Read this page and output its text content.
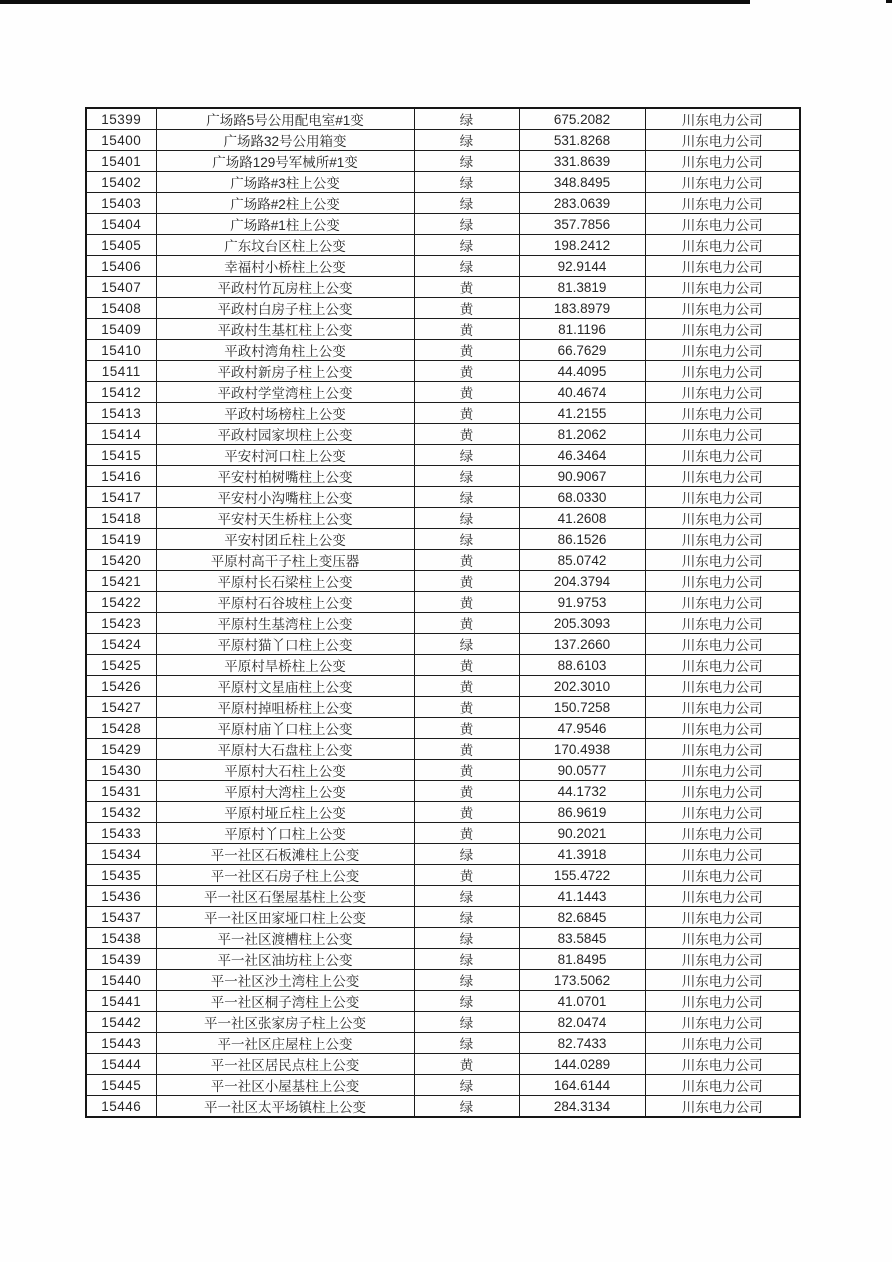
15399	广场路5号公用配电室#1变	绿	675.2082	川东电力公司
15400	广场路32号公用箱变	绿	531.8268	川东电力公司
15401	广场路129号军械所#1变	绿	331.8639	川东电力公司
15402	广场路#3柱上公变	绿	348.8495	川东电力公司
15403	广场路#2柱上公变	绿	283.0639	川东电力公司
15404	广场路#1柱上公变	绿	357.7856	川东电力公司
15405	广东坟台区柱上公变	绿	198.2412	川东电力公司
15406	幸福村小桥柱上公变	绿	92.9144	川东电力公司
15407	平政村竹瓦房柱上公变	黄	81.3819	川东电力公司
15408	平政村白房子柱上公变	黄	183.8979	川东电力公司
15409	平政村生基杠柱上公变	黄	81.1196	川东电力公司
15410	平政村湾角柱上公变	黄	66.7629	川东电力公司
15411	平政村新房子柱上公变	黄	44.4095	川东电力公司
15412	平政村学堂湾柱上公变	黄	40.4674	川东电力公司
15413	平政村场榜柱上公变	黄	41.2155	川东电力公司
15414	平政村园家坝柱上公变	黄	81.2062	川东电力公司
15415	平安村河口柱上公变	绿	46.3464	川东电力公司
15416	平安村柏树嘴柱上公变	绿	90.9067	川东电力公司
15417	平安村小沟嘴柱上公变	绿	68.0330	川东电力公司
15418	平安村天生桥柱上公变	绿	41.2608	川东电力公司
15419	平安村团丘柱上公变	绿	86.1526	川东电力公司
15420	平原村高干子柱上变压器	黄	85.0742	川东电力公司
15421	平原村长石梁柱上公变	黄	204.3794	川东电力公司
15422	平原村石谷坡柱上公变	黄	91.9753	川东电力公司
15423	平原村生基湾柱上公变	黄	205.3093	川东电力公司
15424	平原村猫丫口柱上公变	绿	137.2660	川东电力公司
15425	平原村旱桥柱上公变	黄	88.6103	川东电力公司
15426	平原村文星庙柱上公变	黄	202.3010	川东电力公司
15427	平原村掉咀桥柱上公变	黄	150.7258	川东电力公司
15428	平原村庙丫口柱上公变	黄	47.9546	川东电力公司
15429	平原村大石盘柱上公变	黄	170.4938	川东电力公司
15430	平原村大石柱上公变	黄	90.0577	川东电力公司
15431	平原村大湾柱上公变	黄	44.1732	川东电力公司
15432	平原村垭丘柱上公变	黄	86.9619	川东电力公司
15433	平原村丫口柱上公变	黄	90.2021	川东电力公司
15434	平一社区石板滩柱上公变	绿	41.3918	川东电力公司
15435	平一社区石房子柱上公变	黄	155.4722	川东电力公司
15436	平一社区石堡屋基柱上公变	绿	41.1443	川东电力公司
15437	平一社区田家垭口柱上公变	绿	82.6845	川东电力公司
15438	平一社区渡槽柱上公变	绿	83.5845	川东电力公司
15439	平一社区油坊柱上公变	绿	81.8495	川东电力公司
15440	平一社区沙土湾柱上公变	绿	173.5062	川东电力公司
15441	平一社区桐子湾柱上公变	绿	41.0701	川东电力公司
15442	平一社区张家房子柱上公变	绿	82.0474	川东电力公司
15443	平一社区庄屋柱上公变	绿	82.7433	川东电力公司
15444	平一社区居民点柱上公变	黄	144.0289	川东电力公司
15445	平一社区小屋基柱上公变	绿	164.6144	川东电力公司
15446	平一社区太平场镇柱上公变	绿	284.3134	川东电力公司
